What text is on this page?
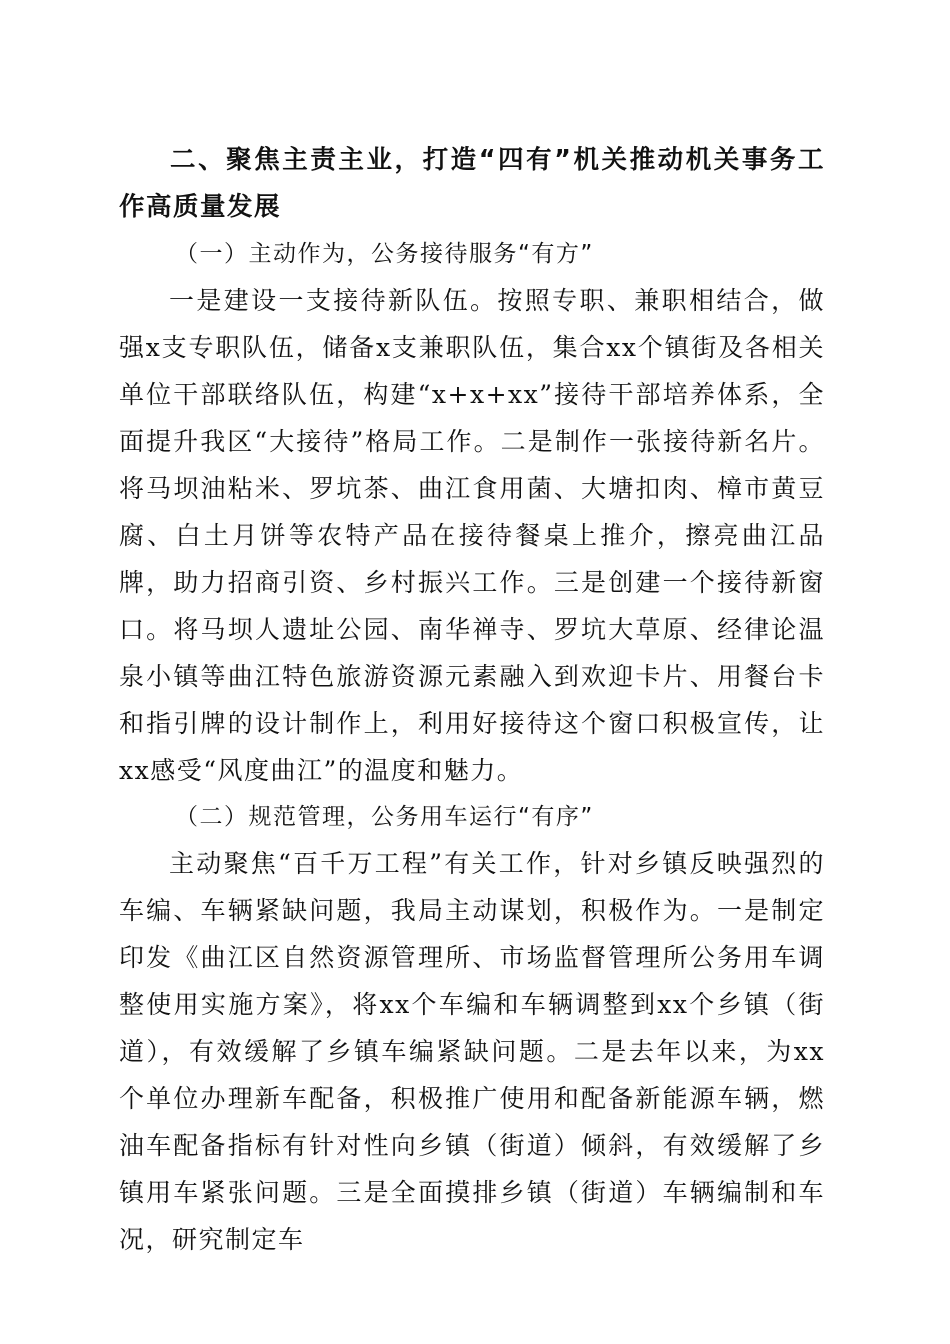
二、聚焦主责主业，打造“四有”机关推动机关事务工作高质量发展

（一）主动作为，公务接待服务“有方”

一是建设一支接待新队伍。按照专职、兼职相结合，做强x支专职队伍，储备x支兼职队伍，集合xx个镇街及各相关单位干部联络队伍，构建“x+x+xx”接待干部培养体系，全面提升我区“大接待”格局工作。二是制作一张接待新名片。将马坝油粘米、罗坑茶、曲江食用菌、大塘扣肉、樟市黄豆腐、白土月饼等农特产品在接待餐桌上推介，擦亮曲江品牌，助力招商引资、乡村振兴工作。三是创建一个接待新窗口。将马坝人遗址公园、南华禅寺、罗坑大草原、经律论温泉小镇等曲江特色旅游资源元素融入到欢迎卡片、用餐台卡和指引牌的设计制作上，利用好接待这个窗口积极宣传，让xx感受“风度曲江”的温度和魅力。

（二）规范管理，公务用车运行“有序”

主动聚焦“百千万工程”有关工作，针对乡镇反映强烈的车编、车辆紧缺问题，我局主动谋划，积极作为。一是制定印发《曲江区自然资源管理所、市场监督管理所公务用车调整使用实施方案》，将xx个车编和车辆调整到xx个乡镇（街道），有效缓解了乡镇车编紧缺问题。二是去年以来，为xx个单位办理新车配备，积极推广使用和配备新能源车辆，燃油车配备指标有针对性向乡镇（街道）倾斜，有效缓解了乡镇用车紧张问题。三是全面摸排乡镇（街道）车辆编制和车况，研究制定车
